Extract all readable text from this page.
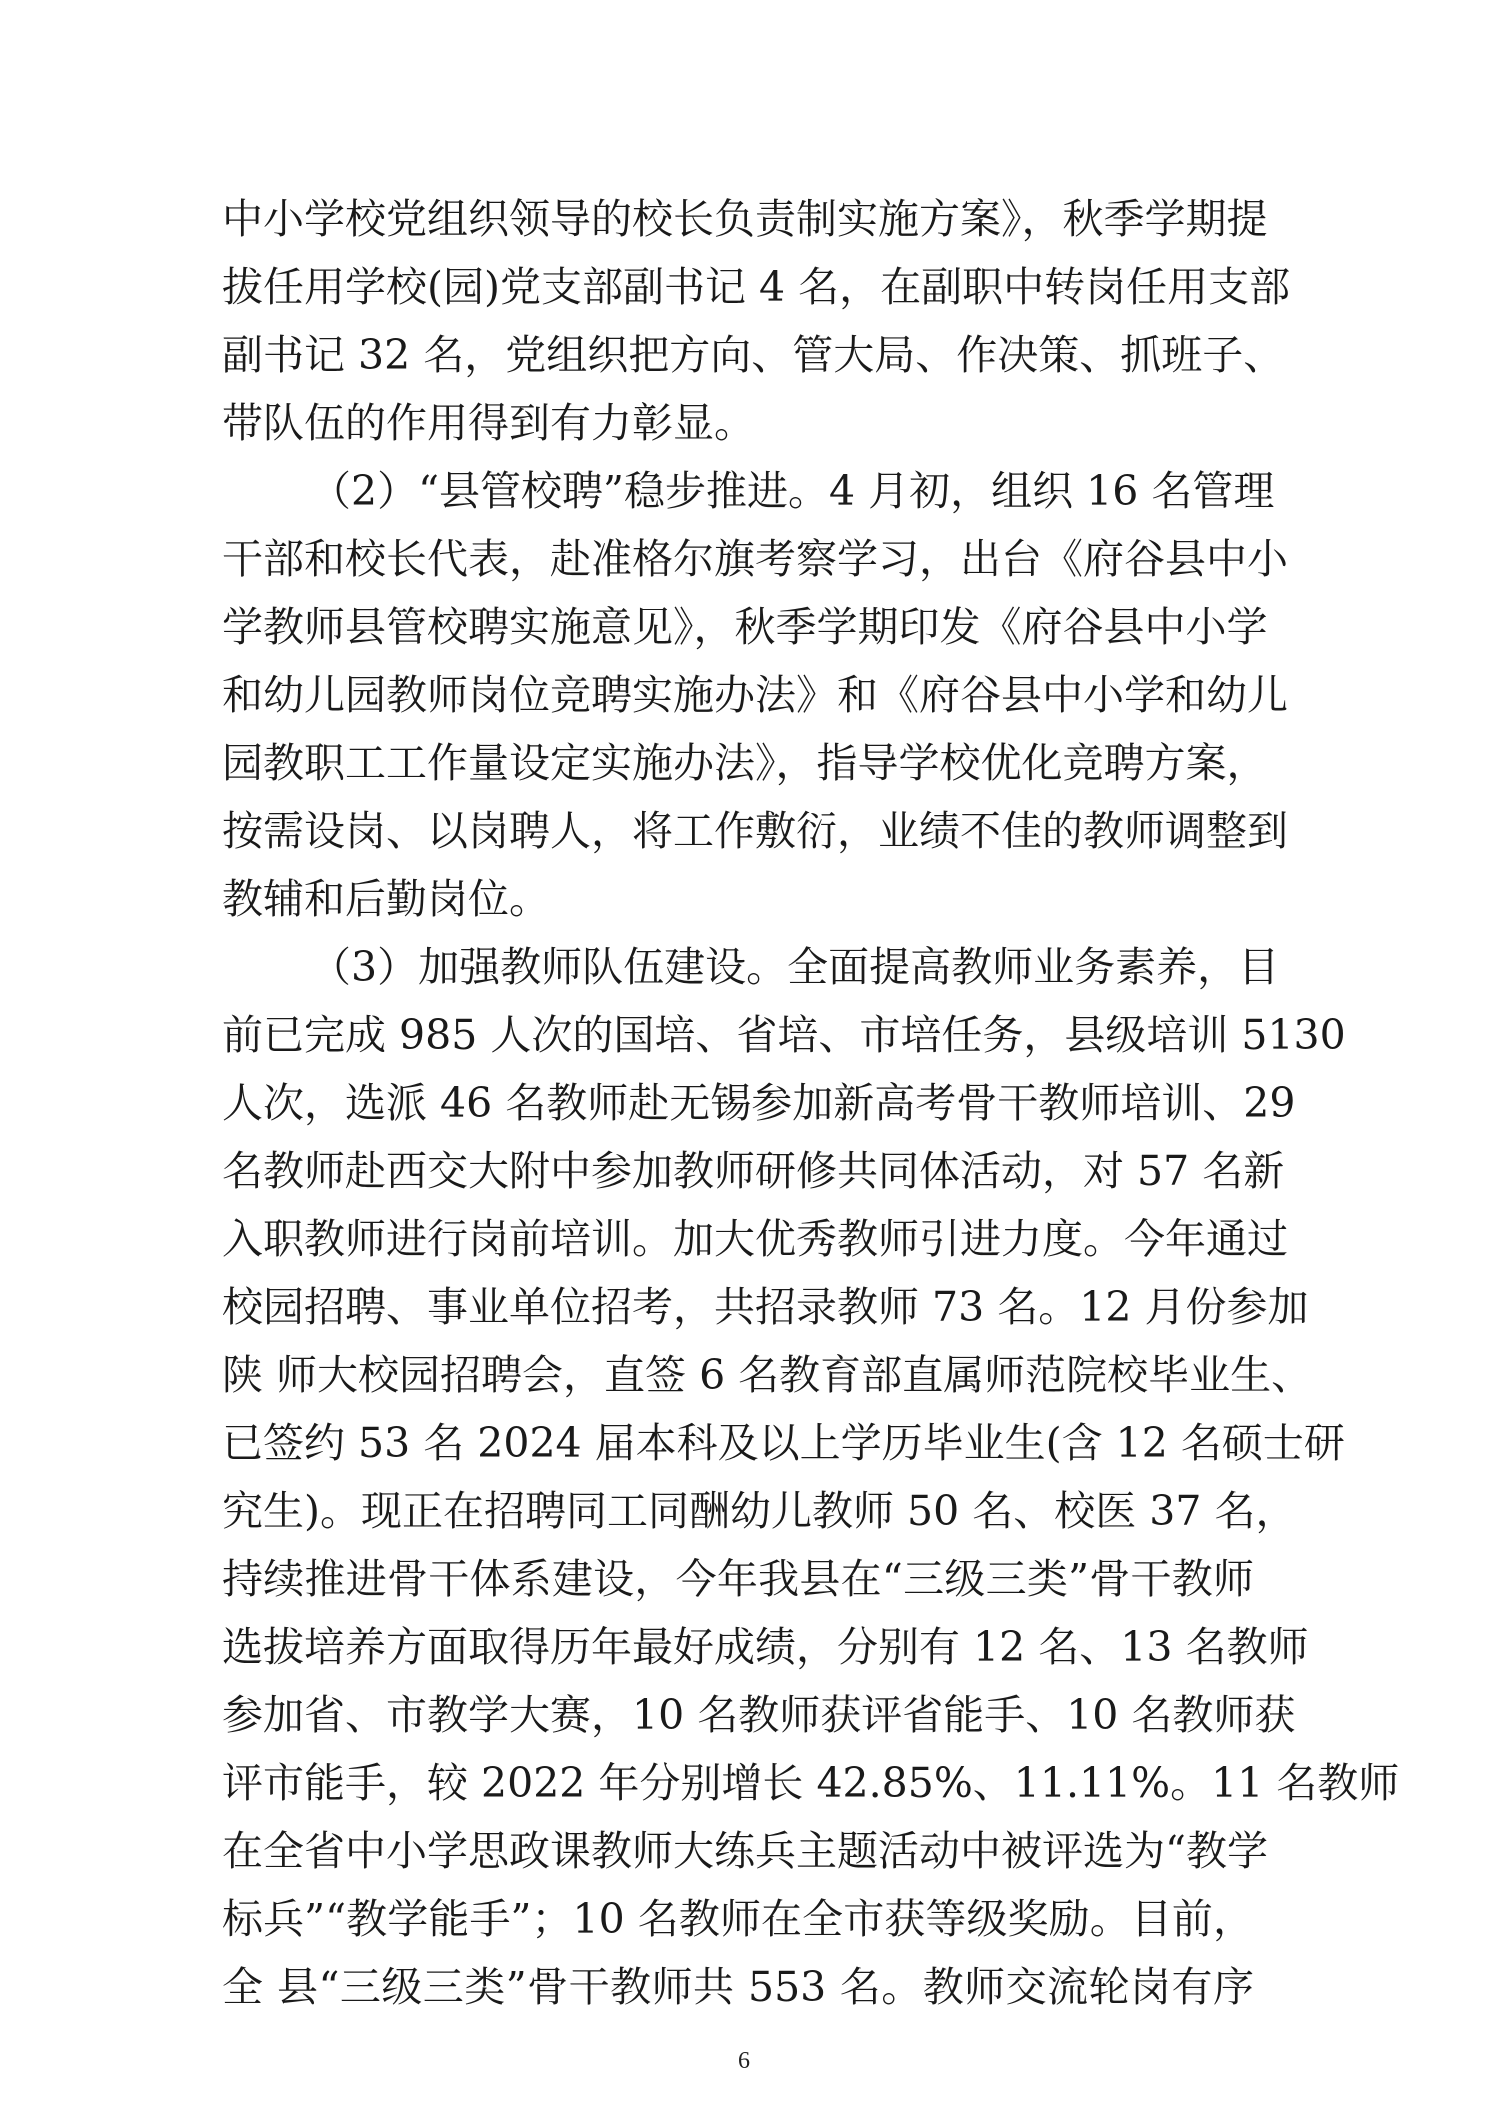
中小学校党组织领导的校长负责制实施方案》，秋季学期提
拔任用学校(园)党支部副书记 4 名，在副职中转岗任用支部
副书记 32 名，党组织把方向、管大局、作决策、抓班子、
带队伍的作用得到有力彰显。
（2）“县管校聘”稳步推进。4 月初，组织 16 名管理
干部和校长代表，赴准格尔旗考察学习，出台《府谷县中小
学教师县管校聘实施意见》，秋季学期印发《府谷县中小学
和幼儿园教师岗位竞聘实施办法》和《府谷县中小学和幼儿
园教职工工作量设定实施办法》，指导学校优化竞聘方案，
按需设岗、以岗聘人，将工作敷衍，业绩不佳的教师调整到
教辅和后勤岗位。
（3）加强教师队伍建设。全面提高教师业务素养，目
前已完成 985 人次的国培、省培、市培任务，县级培训 5130
人次，选派 46 名教师赴无锡参加新高考骨干教师培训、29
名教师赴西交大附中参加教师研修共同体活动，对 57 名新
入职教师进行岗前培训。加大优秀教师引进力度。今年通过
校园招聘、事业单位招考，共招录教师 73 名。12 月份参加
陕 师大校园招聘会，直签 6 名教育部直属师范院校毕业生、
已签约 53 名 2024 届本科及以上学历毕业生(含 12 名硕士研
究生)。现正在招聘同工同酬幼儿教师 50 名、校医 37 名，
持续推进骨干体系建设，今年我县在“三级三类”骨干教师
选拔培养方面取得历年最好成绩，分别有 12 名、13 名教师
参加省、市教学大赛，10 名教师获评省能手、10 名教师获
评市能手，较 2022 年分别增长 42.85%、11.11%。11 名教师
在全省中小学思政课教师大练兵主题活动中被评选为“教学
标兵”“教学能手”；10 名教师在全市获等级奖励。目前，
全 县“三级三类”骨干教师共 553 名。教师交流轮岗有序
6
